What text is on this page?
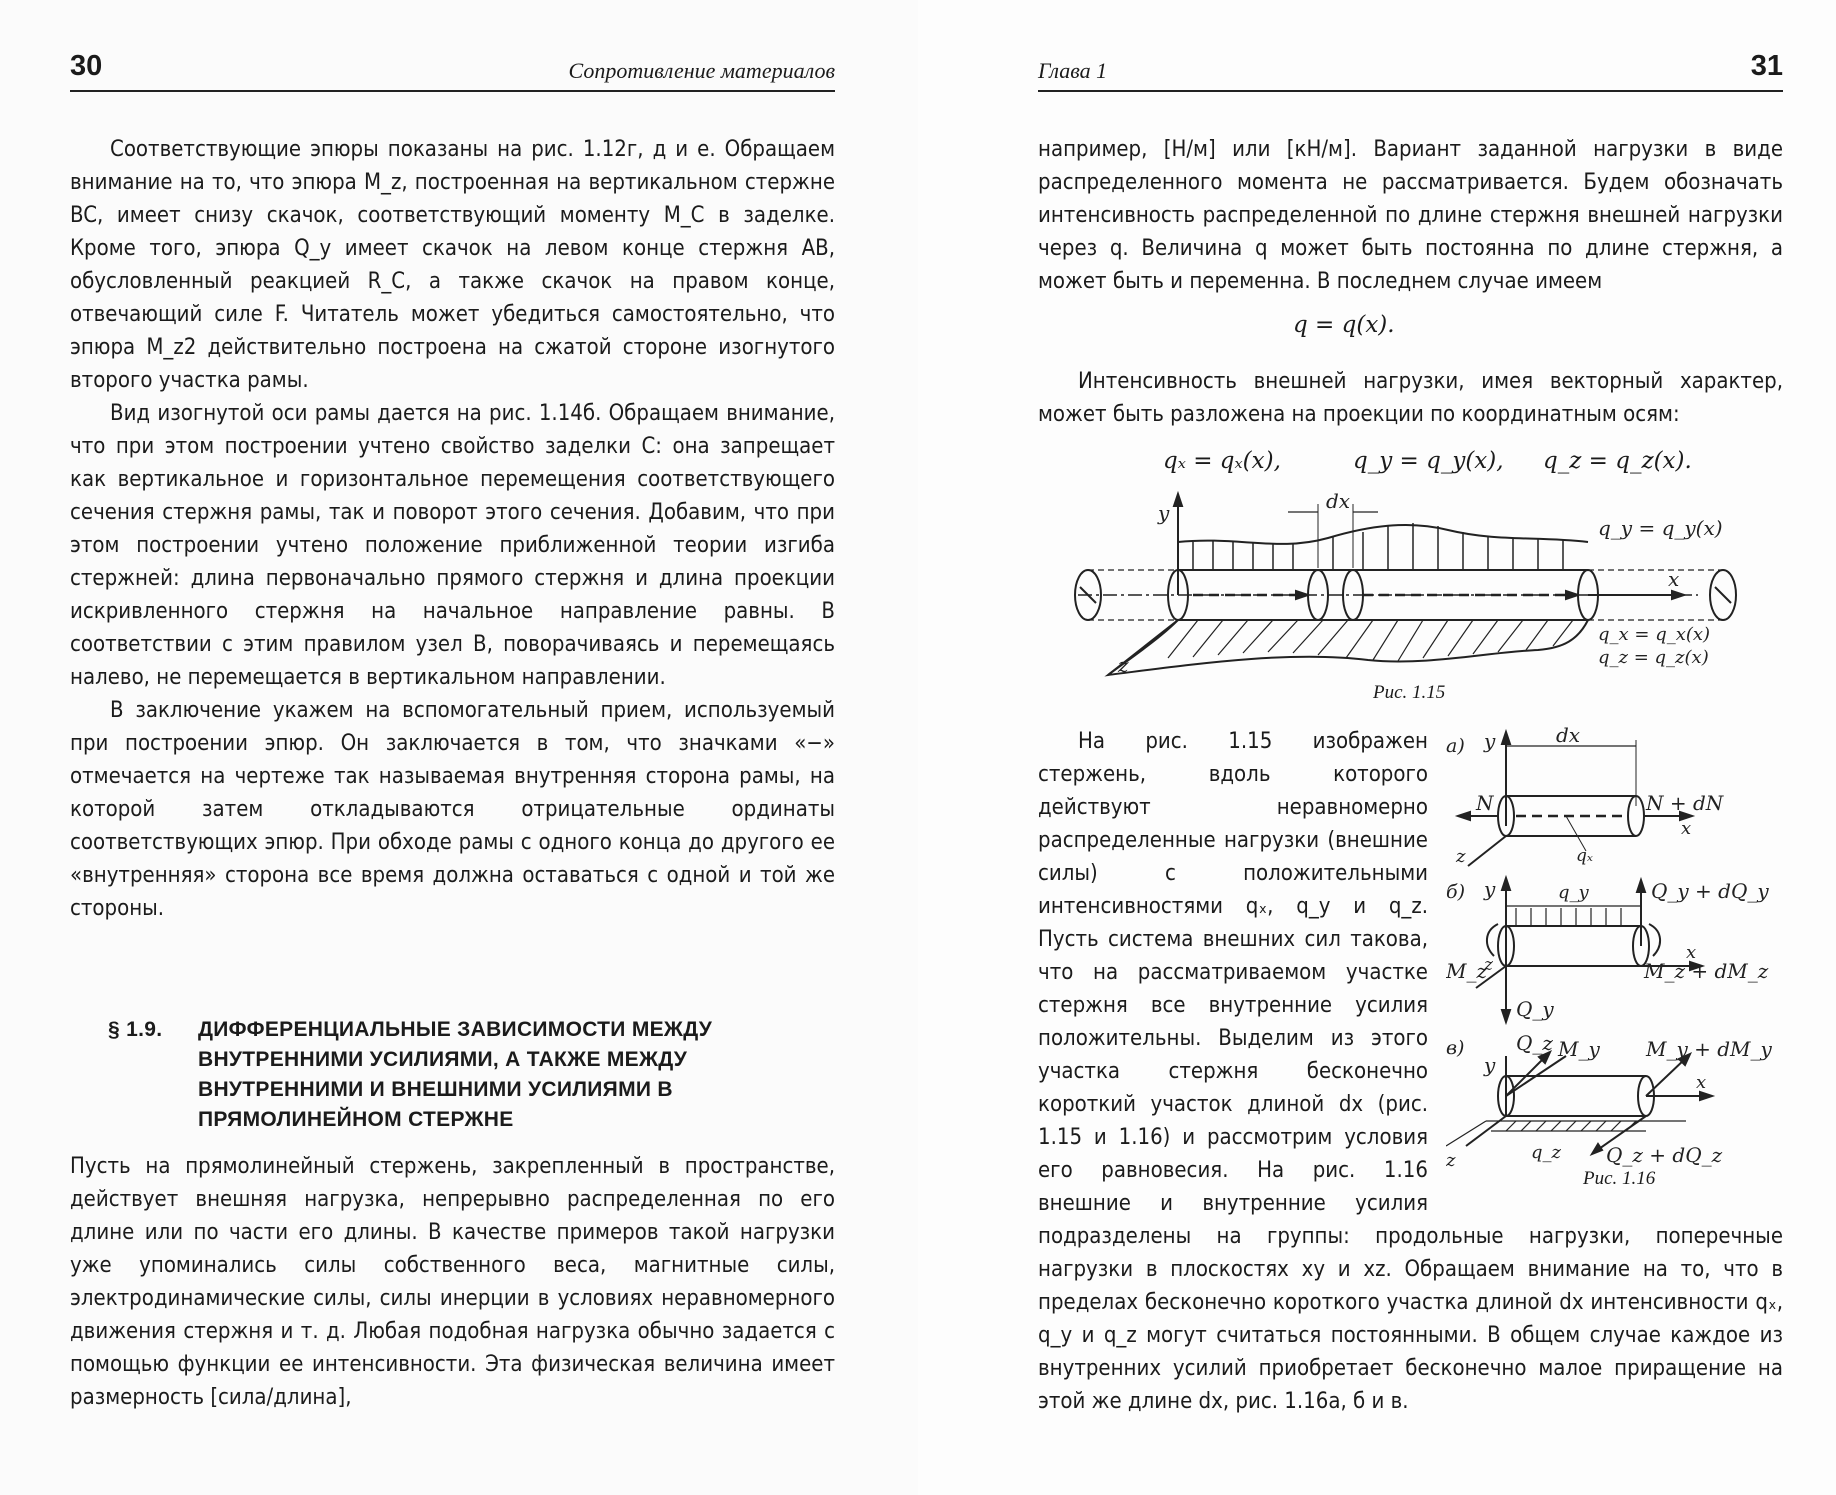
30	Сопротивление материалов

Соответствующие эпюры показаны на рис. 1.12г, д и е. Обращаем внимание на то, что эпюра M_z, построенная на вертикальном стержне BC, имеет снизу скачок, соответствующий моменту M_C в заделке. Кроме того, эпюра Q_y имеет скачок на левом конце стержня AB, обусловленный реакцией R_C, а также скачок на правом конце, отвечающий силе F. Читатель может убедиться самостоятельно, что эпюра M_z2 действительно построена на сжатой стороне изогнутого второго участка рамы.

Вид изогнутой оси рамы дается на рис. 1.14б. Обращаем внимание, что при этом построении учтено свойство заделки C: она запрещает как вертикальное и горизонтальное перемещения соответствующего сечения стержня рамы, так и поворот этого сечения. Добавим, что при этом построении учтено положение приближенной теории изгиба стержней: длина первоначально прямого стержня и длина проекции искривленного стержня на начальное направление равны. В соответствии с этим правилом узел B, поворачиваясь и перемещаясь налево, не перемещается в вертикальном направлении.

В заключение укажем на вспомогательный прием, используемый при построении эпюр. Он заключается в том, что значками «−» отмечается на чертеже так называемая внутренняя сторона рамы, на которой затем откладываются отрицательные ординаты соответствующих эпюр. При обходе рамы с одного конца до другого ее «внутренняя» сторона все время должна оставаться с одной и той же стороны.

§ 1.9. ДИФФЕРЕНЦИАЛЬНЫЕ ЗАВИСИМОСТИ МЕЖДУ ВНУТРЕННИМИ УСИЛИЯМИ, А ТАКЖЕ МЕЖДУ ВНУТРЕННИМИ И ВНЕШНИМИ УСИЛИЯМИ В ПРЯМОЛИНЕЙНОМ СТЕРЖНЕ

Пусть на прямолинейный стержень, закрепленный в пространстве, действует внешняя нагрузка, непрерывно распределенная по его длине или по части его длины. В качестве примеров такой нагрузки уже упоминались силы собственного веса, магнитные силы, электродинамические силы, силы инерции в условиях неравномерного движения стержня и т. д. Любая подобная нагрузка обычно задается с помощью функции ее интенсивности. Эта физическая величина имеет размерность [сила/длина],

Глава 1	31

например, [Н/м] или [кН/м]. Вариант заданной нагрузки в виде распределенного момента не рассматривается. Будем обозначать интенсивность распределенной по длине стержня внешней нагрузки через q. Величина q может быть постоянна по длине стержня, а может быть и переменна. В последнем случае имеем

q = q(x).

Интенсивность внешней нагрузки, имея векторный характер, может быть разложена на проекции по координатным осям:

qₓ = qₓ(x),	q_y = q_y(x), q_z = q_z(x).
y	dx
q_y = q_y(x)
x
z
q_x = q_x(x)
q_z = q_z(x)
Рис. 1.15
а) y	dx
N	N + dN
x
z	qₓ
б) y	q_y	Q_y + dQ_y
x
M_z
z	M_z + dM_z
Q_y
в)	Q_z M_y M_y + dM_y
y
x
z	q_z Q_z + dQ_z
Рис. 1.16

На рис. 1.15 изображен стержень, вдоль которого действуют неравномерно распределенные нагрузки (внешние силы) с положительными интенсивностями qₓ, q_y и q_z. Пусть система внешних сил такова, что на рассматриваемом участке стержня все внутренние усилия положительны. Выделим из этого участка стержня бесконечно короткий участок длиной dx (рис. 1.15 и 1.16) и рассмотрим условия его равновесия. На рис. 1.16 внешние и внутренние усилия подразделены на группы: продольные нагрузки, поперечные нагрузки в плоскостях xy и xz. Обращаем внимание на то, что в пределах бесконечно короткого участка длиной dx интенсивности qₓ, q_y и q_z могут считаться постоянными. В общем случае каждое из внутренних усилий приобретает бесконечно малое приращение на этой же длине dx, рис. 1.16а, б и в.
